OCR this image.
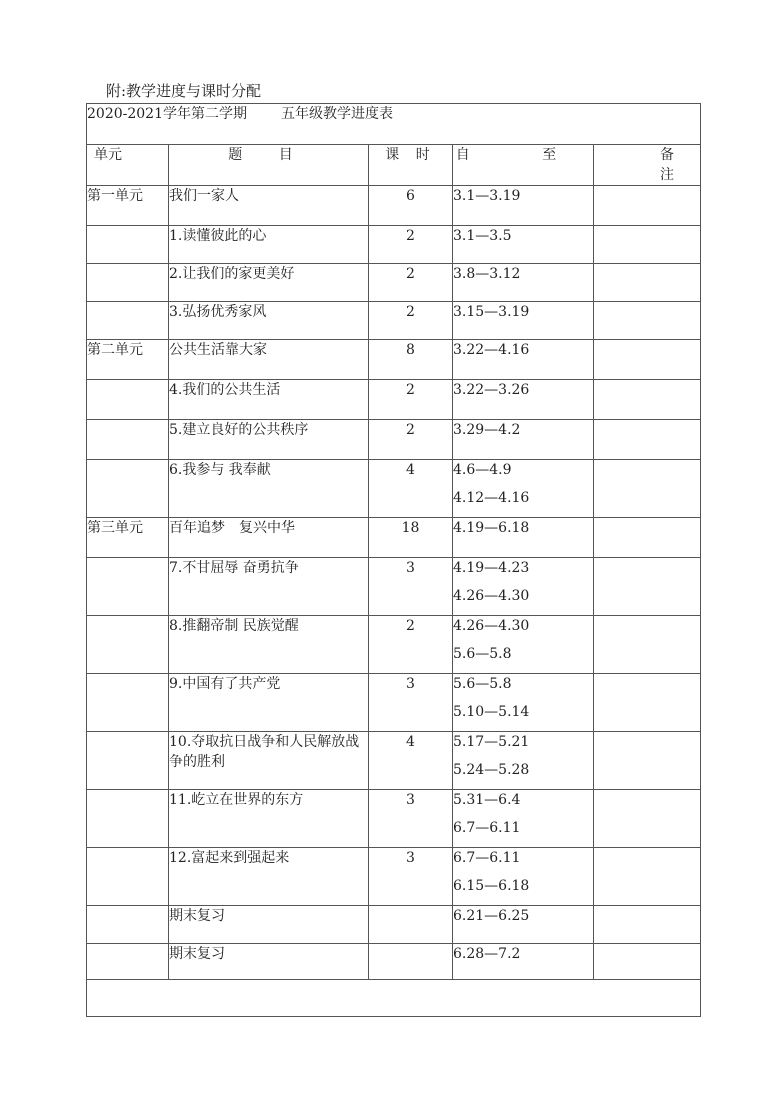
附:教学进度与课时分配
2020-2021学年第二学期 五年级教学进度表				
单元	题 目	课 时	自 至	备 注
第一单元	我们一家人	6	3.1—3.19	

	1.读懂彼此的心	2	3.1—3.5	

	2.让我们的家更美好	2	3.8—3.12	

	3.弘扬优秀家风	2	3.15—3.19	

第二单元	公共生活靠大家	8	3.22—4.16	

	4.我们的公共生活	2	3.22—3.26	

	5.建立良好的公共秩序	2	3.29—4.2	

	6.我参与 我奉献	4	4.6—4.9
4.12—4.16	

第三单元	百年追梦　复兴中华	18	4.19—6.18	

	7.不甘屈辱 奋勇抗争	3	4.19—4.23
4.26—4.30	

	8.推翻帝制 民族觉醒	2	4.26—4.30
5.6—5.8	

	9.中国有了共产党	3	5.6—5.8
5.10—5.14	

	10.夺取抗日战争和人民解放战争的胜利	4	5.17—5.21
5.24—5.28	

	11.屹立在世界的东方	3	5.31—6.4
6.7—6.11	

	12.富起来到强起来	3	6.7—6.11
6.15—6.18	

	期末复习		6.21—6.25	

	期末复习		6.28—7.2	
